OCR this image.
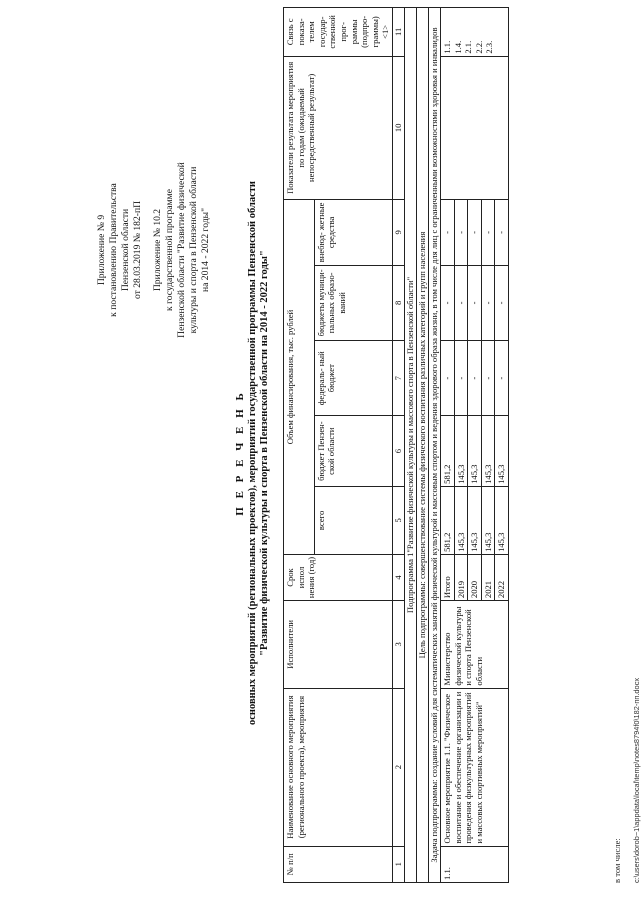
Приложение № 9 к постановлению Правительства Пензенской области от 28.03.2019 № 182-пП Приложение № 10.2 к государственной программе Пензенской области "Развитие физической культуры и спорта в Пензенской области на 2014 - 2022 годы"
П Е Р Е Ч Е Н Ь основных мероприятий (региональных проектов), мероприятий государственной программы Пензенской области "Развитие физической культуры и спорта в Пензенской области на 2014 - 2022 годы"
№ п/п	Наименование основного мероприятия (регионального проекта), мероприятия	Исполнители	Срок испол нения (год)	Объем финансирования, тыс. рублей					Показатели результата мероприятия по годам (ожидаемый непосредственный результат)	Связь с показа- телем государ- ственной прог- раммы (подпро- граммы) <1>
				всего	бюджет Пензен- ской области	федераль- ный бюджет	бюджеты муници- пальных образо- ваний	внебюд- жетные средства		
1	2	3	4	5	6	7	8	9	10	11
Подпрограмма 1"Развитие физической культуры и массового спорта в Пензенской области"										
Цель подпрограммы: совершенствование системы физического воспитания различных категорий и групп населения										
Задача подпрограммы: создание условий для систематических занятий физической культурой и массовым спортом и ведения здорового образа жизни, в том числе для лиц с ограниченными возможностями здоровья и инвалидов										
1.1.	Основное мероприятие 1.1. "Физическое воспитание и обеспечение организации и проведения физкультурных мероприятий и массовых спортивных мероприятий"	Министерство физической культуры и спорта Пензенской области	Итого	581,2	581,2	-	-	-		1.1. 1.4. 2.1. 2.2. 2.3.

			2019	145,3	145,3	-	-	-		
			2020	145,3	145,3	-	-	-		
			2021	145,3	145,3	-	-	-		
			2022	145,3	145,3	-	-	-		
в том числе: c:\users\dorob~1\appdata\local\temp\notes8794f0\182-пп.docx
